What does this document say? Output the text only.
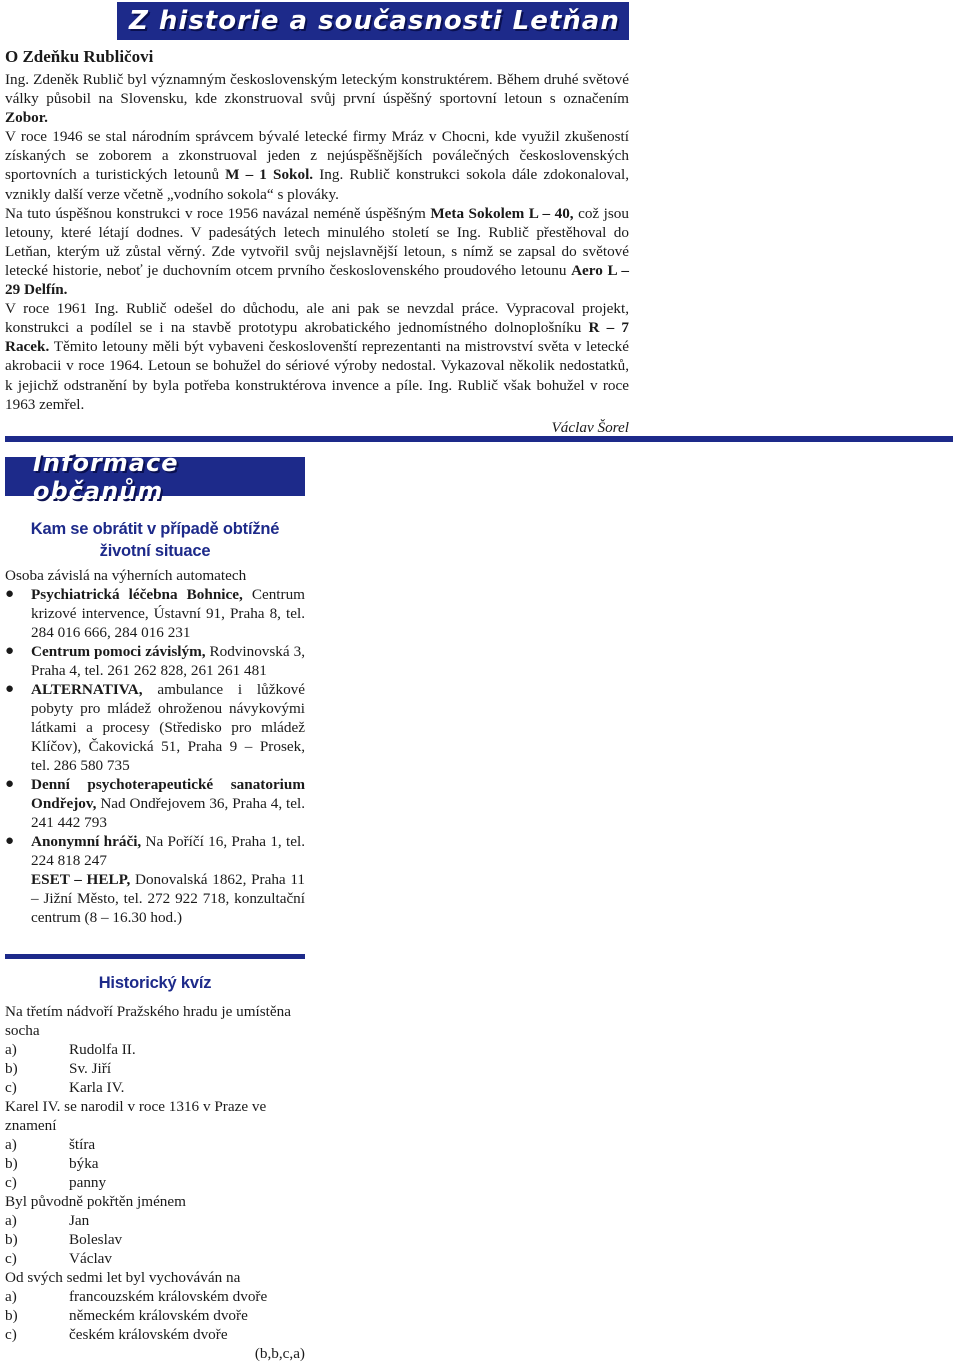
Z historie a současnosti Letňan
O Zdeňku Rubličovi

Ing. Zdeněk Rublič byl významným československým leteckým konstruktérem. Během druhé světové války působil na Slovensku, kde zkonstruoval svůj první úspěšný sportovní letoun s označením Zobor.

V roce 1946 se stal národním správcem bývalé letecké firmy Mráz v Chocni, kde využil zkušeností získaných se zoborem a zkonstruoval jeden z nejúspěšnějších poválečných československých sportovních a turistických letounů M – 1 Sokol. Ing. Rublič konstrukci sokola dále zdokonaloval, vznikly další verze včetně „vodního sokola“ s plováky.

Na tuto úspěšnou konstrukci v roce 1956 navázal neméně úspěšným Meta Sokolem L – 40, což jsou letouny, které létají dodnes. V padesátých letech minulého století se Ing. Rublič přestěhoval do Letňan, kterým už zůstal věrný. Zde vytvořil svůj nejslavnější letoun, s nímž se zapsal do světové letecké historie, neboť je duchovním otcem prvního československého proudového letounu Aero L – 29 Delfín.

V roce 1961 Ing. Rublič odešel do důchodu, ale ani pak se nevzdal práce. Vypracoval projekt, konstrukci a podílel se i na stavbě prototypu akrobatického jednomístného dolnoplošníku R – 7 Racek. Těmito letouny měli být vybaveni českoslovenští reprezentanti na mistrovství světa v letecké akrobacii v roce 1964. Letoun se bohužel do sériové výroby nedostal. Vykazoval několik nedostatků, k jejichž odstranění by byla potřeba konstruktérova invence a píle. Ing. Rublič však bohužel v roce 1963 zemřel.

Václav Šorel
Informace občanům
Kam se obrátit v případě obtížné životní situace
Osoba závislá na výherních automatech
● Psychiatrická léčebna Bohnice, Centrum krizové intervence, Ústavní 91, Praha 8, tel. 284 016 666, 284 016 231
● Centrum pomoci závislým, Rodvinovská 3, Praha 4, tel. 261 262 828, 261 261 481
● ALTERNATIVA, ambulance i lůžkové pobyty pro mládež ohroženou návykovými látkami a procesy (Středisko pro mládež Klíčov), Čakovická 51, Praha 9 – Prosek, tel. 286 580 735
● Denní psychoterapeutické sanatorium Ondřejov, Nad Ondřejovem 36, Praha 4, tel. 241 442 793
● Anonymní hráči, Na Poříčí 16, Praha 1, tel. 224 818 247
ESET – HELP, Donovalská 1862, Praha 11 – Jižní Město, tel. 272 922 718, konzultační centrum (8 – 16.30 hod.)
Historický kvíz
Na třetím nádvoří Pražského hradu je umístěna socha
a)	Rudolfa II.
b)	Sv. Jiří
c)	Karla IV.
Karel IV. se narodil v roce 1316 v Praze ve znamení
a)	štíra
b)	býka
c)	panny
Byl původně pokřtěn jménem
a)	Jan
b)	Boleslav
c)	Václav
Od svých sedmi let byl vychováván na
a)	francouzském královském dvoře
b)	německém královském dvoře
c)	českém královském dvoře
(b,b,c,a)
